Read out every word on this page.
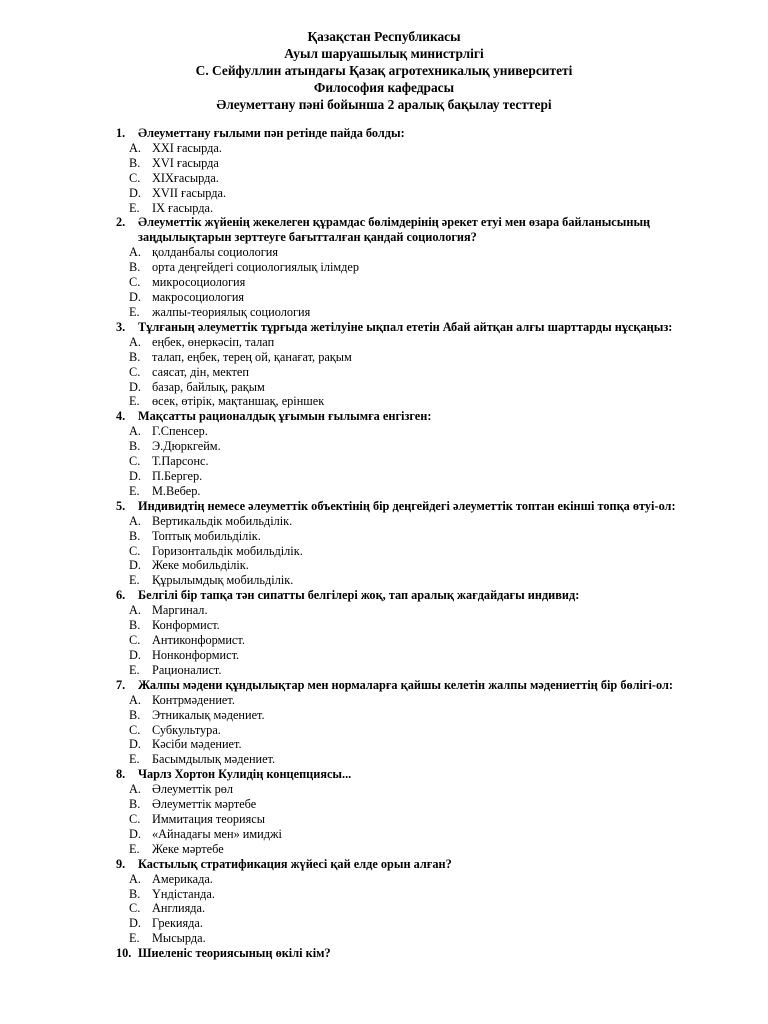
Қазақстан Республикасы
Ауыл шаруашылық министрлігі
С. Сейфуллин атындағы Қазақ агротехникалық университеті
Философия кафедрасы
Әлеуметтану пәні бойынша 2 аралық бақылау тесттері
1. Әлеуметтану ғылыми пән ретінде пайда болды:
A. XXI ғасырда.
B. XVI ғасырда
C. XIXғасырда.
D. XVII ғасырда.
E. IX ғасырда.
2. Әлеуметтік жүйенің жекелеген құрамдас бөлімдерінің әрекет етуі мен өзара байланысының заңдылықтарын зерттеуге бағытталған қандай социология?
A. қолданбалы социология
B. орта деңгейдегі социологиялық ілімдер
C. микросоциология
D. макросоциология
E. жалпы-теориялық социология
3. Тұлғаның әлеуметтік тұрғыда жетілуіне ықпал ететін Абай айтқан алғы шарттарды нұсқаңыз:
A. еңбек, өнеркәсіп, талап
B. талап, еңбек, терең ой, қанағат, рақым
C. саясат, дін, мектеп
D. базар, байлық, рақым
E. өсек, өтірік, мақтаншақ, еріншек
4. Мақсатты рационалдық ұғымын ғылымға енгізген:
A. Г.Спенсер.
B. Э.Дюркгейм.
C. Т.Парсонс.
D. П.Бергер.
E. М.Вебер.
5. Индивидтің немесе әлеуметтік объектінің бір деңгейдегі әлеуметтік топтан екінші топқа өтуі-ол:
A. Вертикальдік мобильділік.
B. Топтық мобильділік.
C. Горизонтальдік мобильділік.
D. Жеке мобильділік.
E. Құрылымдық мобильділік.
6. Белгілі бір тапқа тән сипатты белгілері жоқ, тап аралық жағдайдағы индивид:
A. Маргинал.
B. Конформист.
C. Антиконформист.
D. Нонконформист.
E. Рационалист.
7. Жалпы мәдени құндылықтар мен нормаларға қайшы келетін жалпы мәдениеттің бір бөлігі-ол:
A. Контрмәдениет.
B. Этникалық мәдениет.
C. Субкультура.
D. Кәсіби мәдениет.
E. Басымдылық мәдениет.
8. Чарлз Хортон Кулидің концепциясы...
A. Әлеуметтік рөл
B. Әлеуметтік мәртебе
C. Иммитация теориясы
D. «Айнадағы мен» имиджі
E. Жеке мәртебе
9. Кастылық стратификация жүйесі қай елде орын алған?
A. Америкада.
B. Үндістанда.
C. Англияда.
D. Грекияда.
E. Мысырда.
10. Шиеленіс теориясының өкілі кім?
